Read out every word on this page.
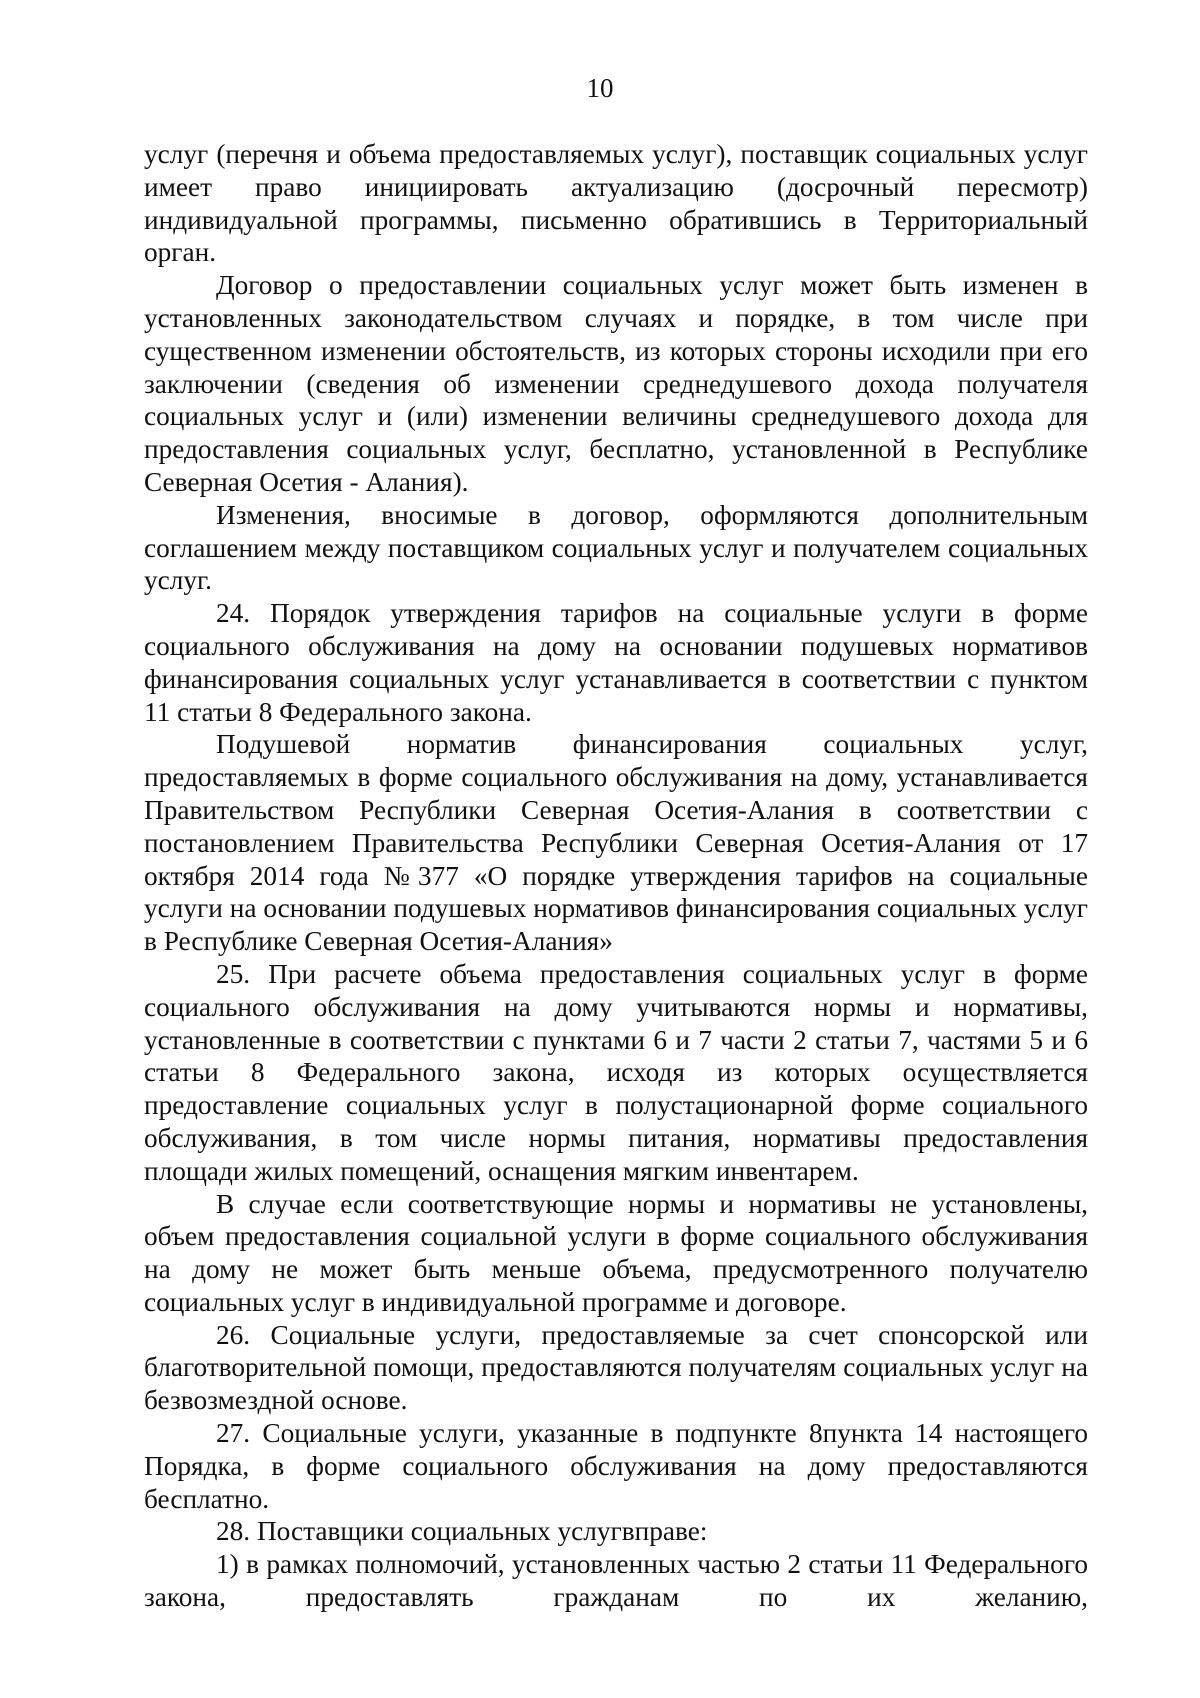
10

услуг (перечня и объема предоставляемых услуг), поставщик социальных услуг имеет право инициировать актуализацию (досрочный пересмотр) индивидуальной программы, письменно обратившись в Территориальный орган.

Договор о предоставлении социальных услуг может быть изменен в установленных законодательством случаях и порядке, в том числе при существенном изменении обстоятельств, из которых стороны исходили при его заключении (сведения об изменении среднедушевого дохода получателя социальных услуг и (или) изменении величины среднедушевого дохода для предоставления социальных услуг, бесплатно, установленной в Республике Северная Осетия - Алания).

Изменения, вносимые в договор, оформляются дополнительным соглашением между поставщиком социальных услуг и получателем социальных услуг.

24. Порядок утверждения тарифов на социальные услуги в форме социального обслуживания на дому на основании подушевых нормативов финансирования социальных услуг устанавливается в соответствии с пунктом 11 статьи 8 Федерального закона.

Подушевой норматив финансирования социальных услуг, предоставляемых в форме социального обслуживания на дому, устанавливается Правительством Республики Северная Осетия-Алания в соответствии с постановлением Правительства Республики Северная Осетия-Алания от 17 октября 2014 года №377 «О порядке утверждения тарифов на социальные услуги на основании подушевых нормативов финансирования социальных услуг в Республике Северная Осетия-Алания»

25. При расчете объема предоставления социальных услуг в форме социального обслуживания на дому учитываются нормы и нормативы, установленные в соответствии с пунктами 6 и 7 части 2 статьи 7, частями 5 и 6 статьи 8 Федерального закона, исходя из которых осуществляется предоставление социальных услуг в полустационарной форме социального обслуживания, в том числе нормы питания, нормативы предоставления площади жилых помещений, оснащения мягким инвентарем.

В случае если соответствующие нормы и нормативы не установлены, объем предоставления социальной услуги в форме социального обслуживания на дому не может быть меньше объема, предусмотренного получателю социальных услуг в индивидуальной программе и договоре.

26. Социальные услуги, предоставляемые за счет спонсорской или благотворительной помощи, предоставляются получателям социальных услуг на безвозмездной основе.

27. Социальные услуги, указанные в подпункте 8пункта 14 настоящего Порядка, в форме социального обслуживания на дому предоставляются бесплатно.

28. Поставщики социальных услугвправе:

1) в рамках полномочий, установленных частью 2 статьи 11 Федерального закона, предоставлять гражданам по их желанию,
